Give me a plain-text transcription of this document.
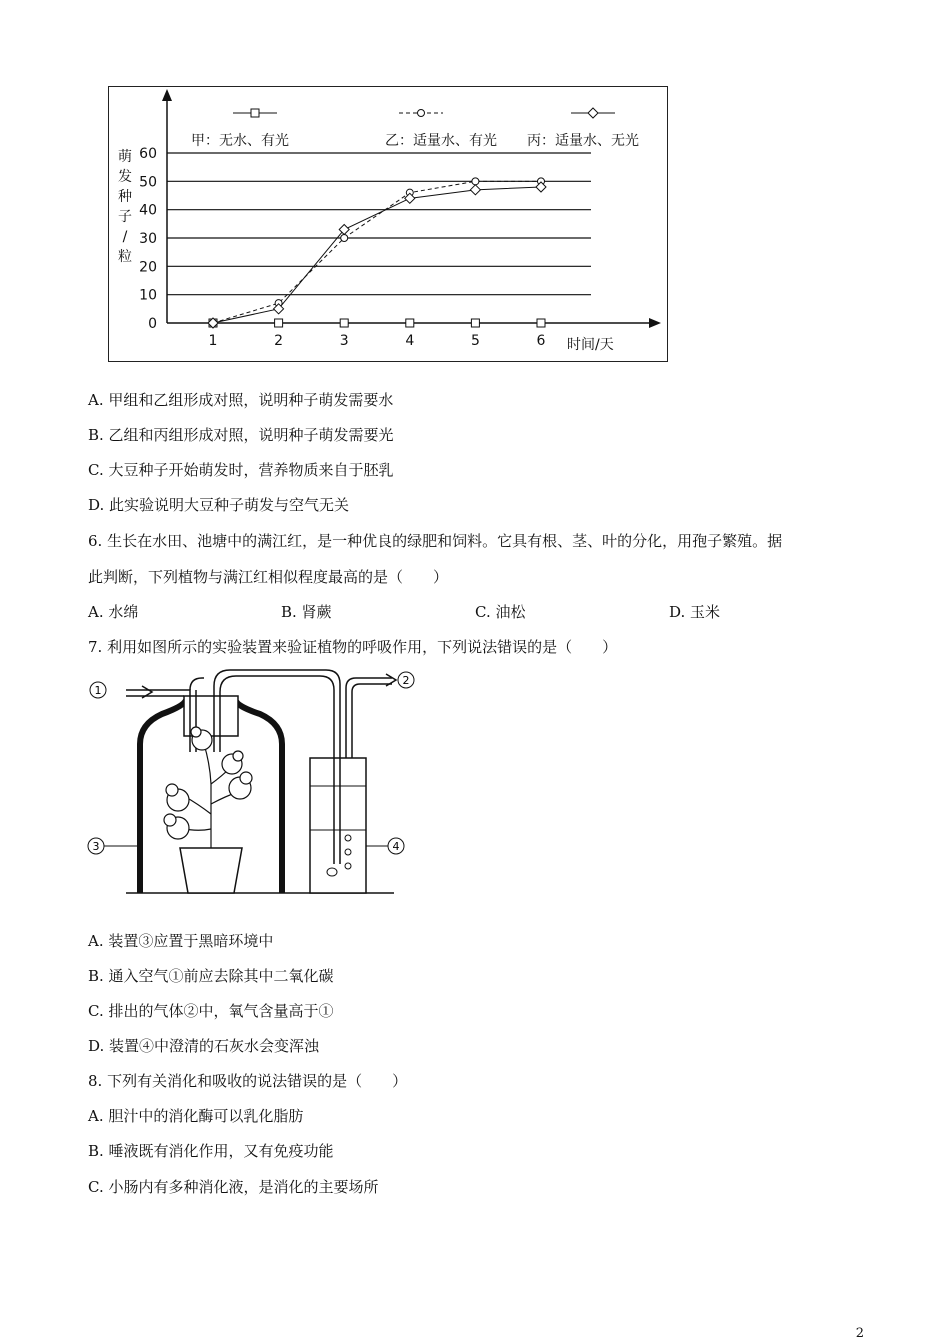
甲：无水、有光	乙：适量水、有光 丙：适量水、无光
0
10
20
30
40
50
60
1	2	3	4	5	6 时间/天
萌
发
种
子
/
粒
A. 甲组和乙组形成对照，说明种子萌发需要水
B. 乙组和丙组形成对照，说明种子萌发需要光
C. 大豆种子开始萌发时，营养物质来自于胚乳
D. 此实验说明大豆种子萌发与空气无关
6. 生长在水田、池塘中的满江红，是一种优良的绿肥和饲料。它具有根、茎、叶的分化，用孢子繁殖。据
此判断，下列植物与满江红相似程度最高的是（　　）
A. 水绵	B. 肾蕨	C. 油松	D. 玉米
7. 利用如图所示的实验装置来验证植物的呼吸作用，下列说法错误的是（　　）
1
2
3	4
A. 装置③应置于黑暗环境中
B. 通入空气①前应去除其中二氧化碳
C. 排出的气体②中，氧气含量高于①
D. 装置④中澄清的石灰水会变浑浊
8. 下列有关消化和吸收的说法错误的是（　　）
A. 胆汁中的消化酶可以乳化脂肪
B. 唾液既有消化作用，又有免疫功能
C. 小肠内有多种消化液，是消化的主要场所
2
